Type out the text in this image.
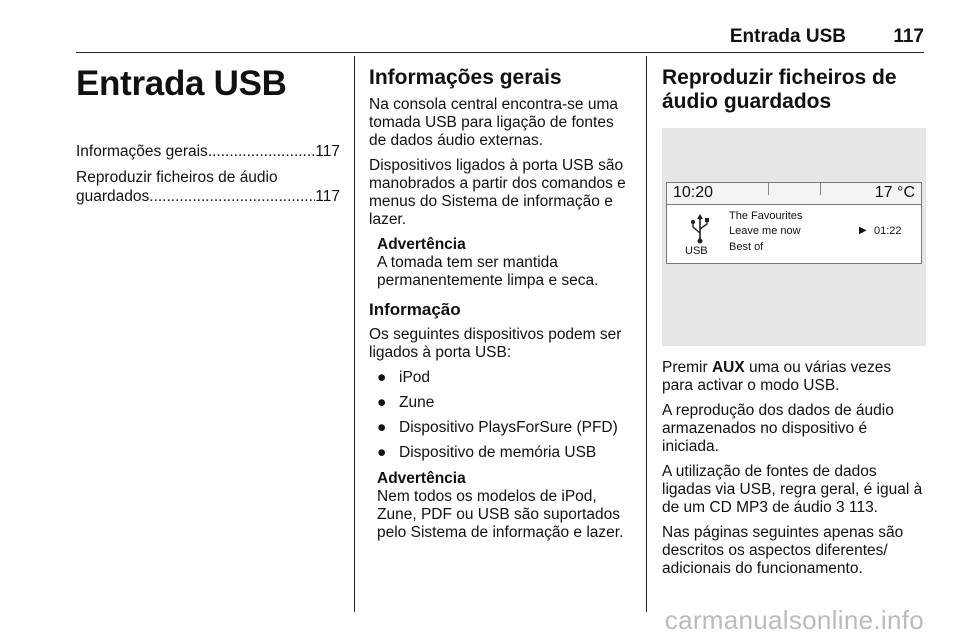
Entrada USB 117
Entrada USB
Informações gerais .....	117
Reproduzir ficheiros de áudio
guardados .....	117
Informações gerais

Na consola central encontra-se uma tomada USB para ligação de fontes de dados áudio externas.

Dispositivos ligados à porta USB são manobrados a partir dos comandos e menus do Sistema de informação e lazer.

Advertência
A tomada tem ser mantida permanentemente limpa e seca.
Informação

Os seguintes dispositivos podem ser ligados à porta USB:

● iPod
● Zune
● Dispositivo PlaysForSure (PFD)
● Dispositivo de memória USB
Advertência
Nem todos os modelos de iPod, Zune, PDF ou USB são suportados pelo Sistema de informação e lazer.
Reproduzir ficheiros de áudio guardados
10:20	17 °C
USB
The Favourites
Leave me now
Best of
▶ 01:22

Premir AUX uma ou várias vezes para activar o modo USB.

A reprodução dos dados de áudio armazenados no dispositivo é iniciada.

A utilização de fontes de dados ligadas via USB, regra geral, é igual à de um CD MP3 de áudio 3 113.

Nas páginas seguintes apenas são descritos os aspectos diferentes/ adicionais do funcionamento.

carmanualsonline.info
